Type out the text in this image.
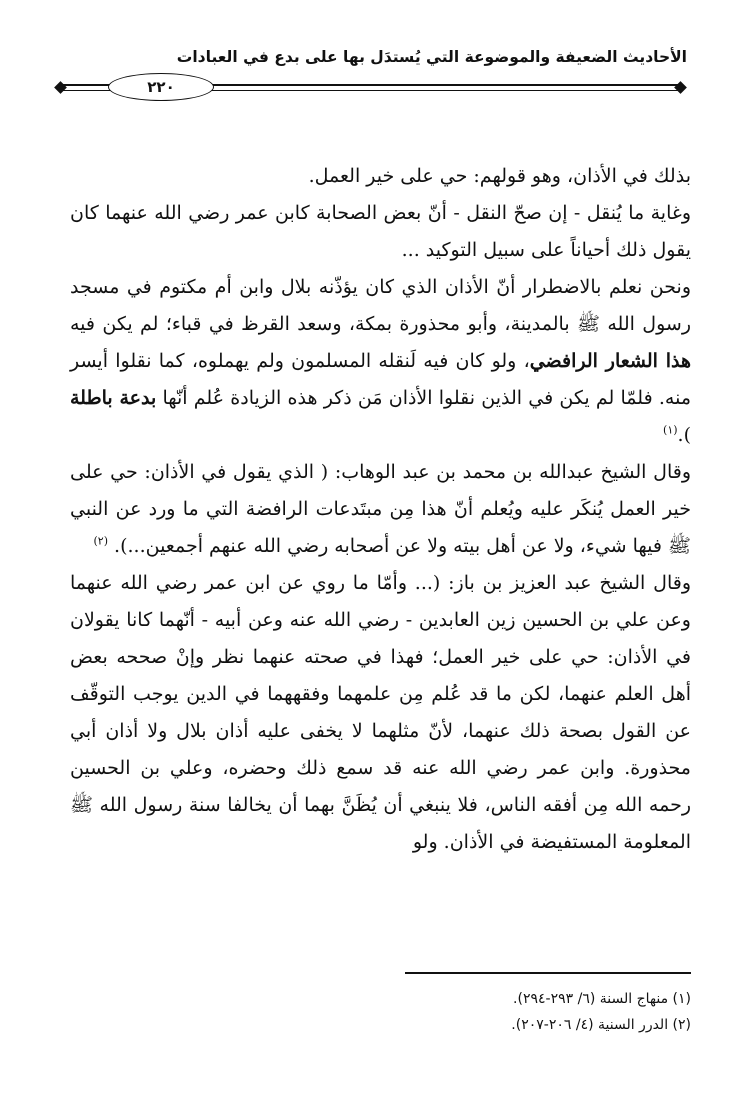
الأحاديث الضعيفة والموضوعة التي يُستدَل بها على بدع في العبادات
٢٢٠

بذلك في الأذان، وهو قولهم: حي على خير العمل.

وغاية ما يُنقل - إن صحّ النقل - أنّ بعض الصحابة كابن عمر رضي الله عنهما كان يقول ذلك أحياناً على سبيل التوكيد ...

ونحن نعلم بالاضطرار أنّ الأذان الذي كان يؤذّنه بلال وابن أم مكتوم في مسجد رسول الله ﷺ بالمدينة، وأبو محذورة بمكة، وسعد القرظ في قباء؛ لم يكن فيه هذا الشعار الرافضي، ولو كان فيه لَنقله المسلمون ولم يهملوه، كما نقلوا أيسر منه. فلمّا لم يكن في الذين نقلوا الأذان مَن ذكر هذه الزيادة عُلم أنّها بدعة باطلة ).$^{(١)}$

وقال الشيخ عبدالله بن محمد بن عبد الوهاب: ( الذي يقول في الأذان: حي على خير العمل يُنكَر عليه ويُعلم أنّ هذا مِن مبتَدعات الرافضة التي ما ورد عن النبي ﷺ فيها شيء، ولا عن أهل بيته ولا عن أصحابه رضي الله عنهم أجمعين...). $^{(٢)}$

وقال الشيخ عبد العزيز بن باز: (... وأمّا ما روي عن ابن عمر رضي الله عنهما وعن علي بن الحسين زين العابدين - رضي الله عنه وعن أبيه - أنّهما كانا يقولان في الأذان: حي على خير العمل؛ فهذا في صحته عنهما نظر وإنْ صححه بعض أهل العلم عنهما، لكن ما قد عُلم مِن علمهما وفقههما في الدين يوجب التوقّف عن القول بصحة ذلك عنهما، لأنّ مثلهما لا يخفى عليه أذان بلال ولا أذان أبي محذورة. وابن عمر رضي الله عنه قد سمع ذلك وحضره، وعلي بن الحسين رحمه الله مِن أفقه الناس، فلا ينبغي أن يُظَنَّ بهما أن يخالفا سنة رسول الله ﷺ المعلومة المستفيضة في الأذان. ولو

(١) منهاج السنة (٦/ ٢٩٣-٢٩٤).

(٢) الدرر السنية (٤/ ٢٠٦-٢٠٧).
